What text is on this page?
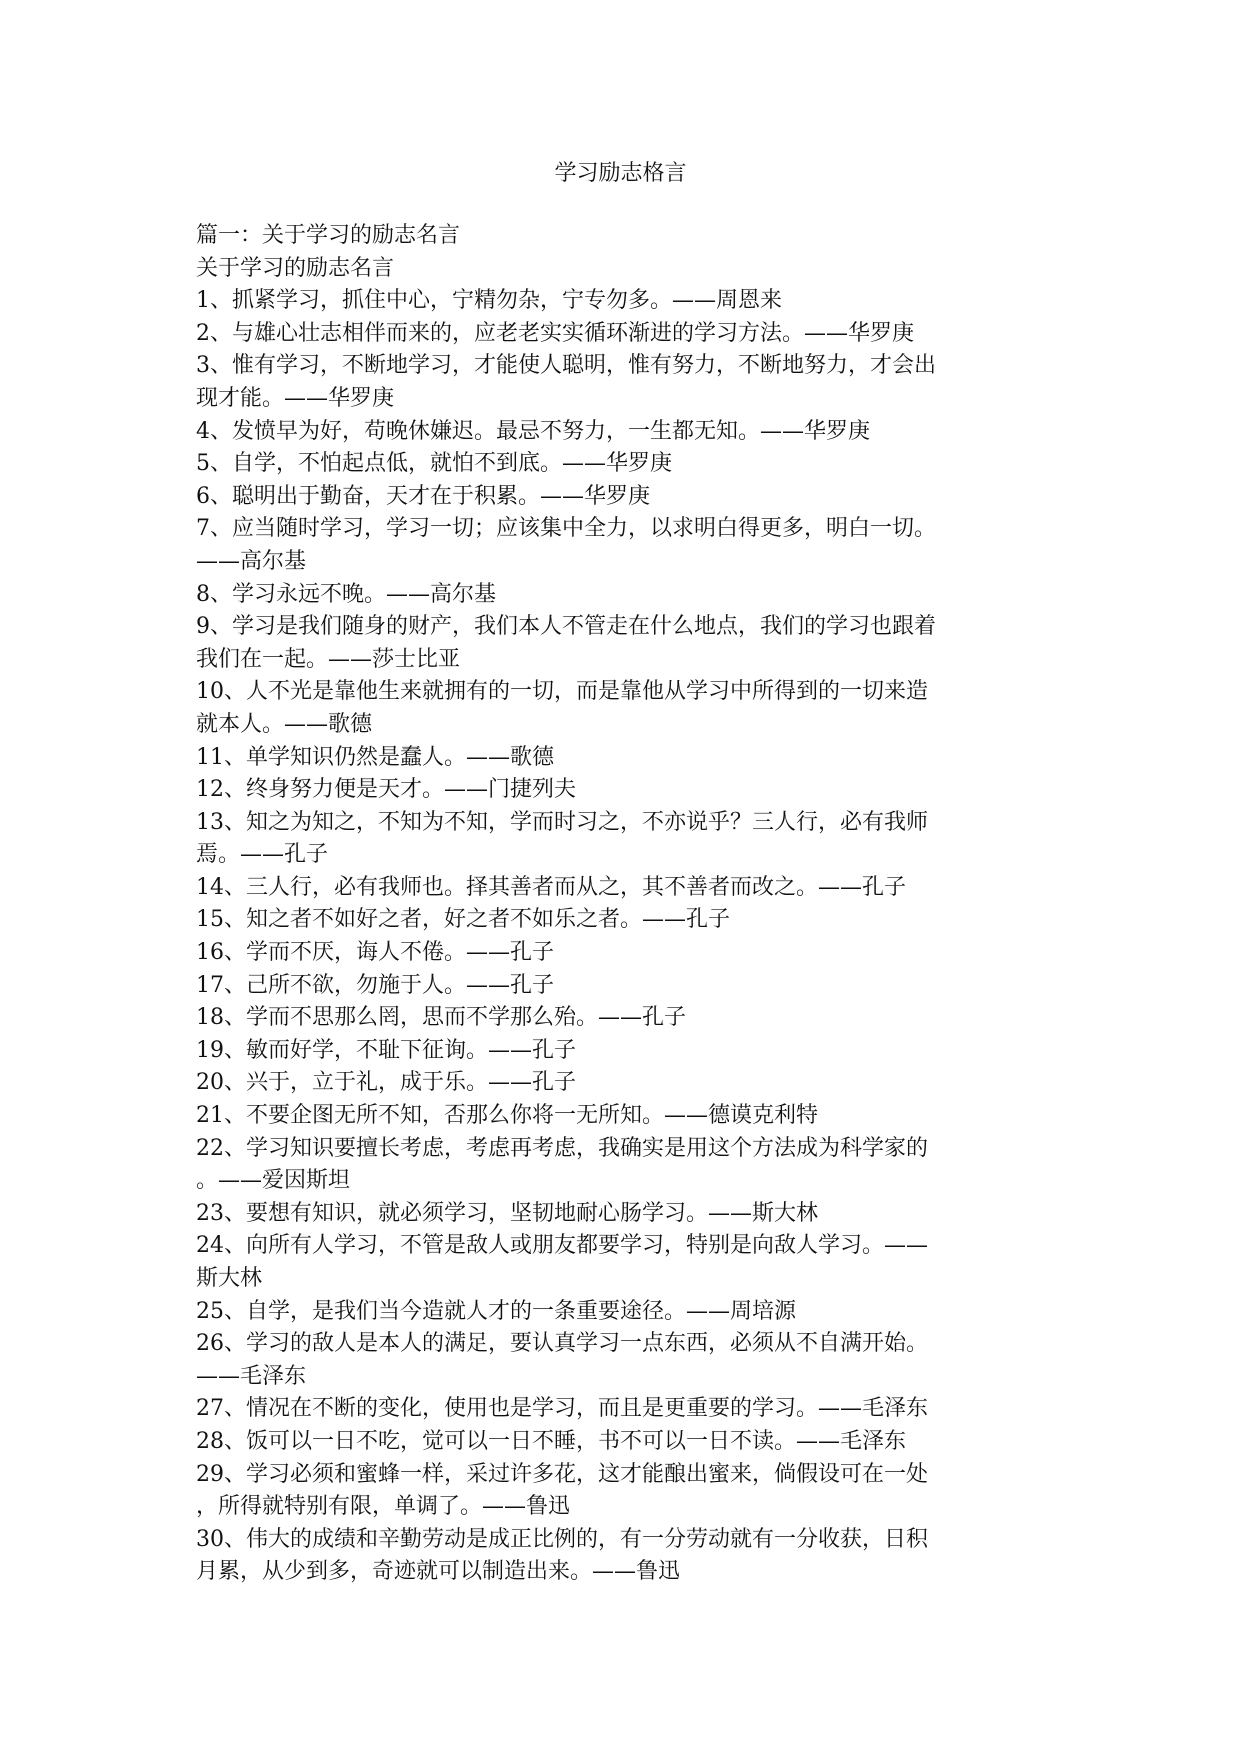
学习励志格言
篇一：关于学习的励志名言
关于学习的励志名言
1、抓紧学习，抓住中心，宁精勿杂，宁专勿多。——周恩来
2、与雄心壮志相伴而来的，应老老实实循环渐进的学习方法。——华罗庚
3、惟有学习，不断地学习，才能使人聪明，惟有努力，不断地努力，才会出
现才能。——华罗庚
4、发愤早为好，苟晚休嫌迟。最忌不努力，一生都无知。——华罗庚
5、自学，不怕起点低，就怕不到底。——华罗庚
6、聪明出于勤奋，天才在于积累。——华罗庚
7、应当随时学习，学习一切；应该集中全力，以求明白得更多，明白一切。
——高尔基
8、学习永远不晚。——高尔基
9、学习是我们随身的财产，我们本人不管走在什么地点，我们的学习也跟着
我们在一起。——莎士比亚
10、人不光是靠他生来就拥有的一切，而是靠他从学习中所得到的一切来造
就本人。——歌德
11、单学知识仍然是蠢人。——歌德
12、终身努力便是天才。——门捷列夫
13、知之为知之，不知为不知，学而时习之，不亦说乎？三人行，必有我师
焉。——孔子
14、三人行，必有我师也。择其善者而从之，其不善者而改之。——孔子
15、知之者不如好之者，好之者不如乐之者。——孔子
16、学而不厌，诲人不倦。——孔子
17、己所不欲，勿施于人。——孔子
18、学而不思那么罔，思而不学那么殆。——孔子
19、敏而好学，不耻下征询。——孔子
20、兴于，立于礼，成于乐。——孔子
21、不要企图无所不知，否那么你将一无所知。——德谟克利特
22、学习知识要擅长考虑，考虑再考虑，我确实是用这个方法成为科学家的
。——爱因斯坦
23、要想有知识，就必须学习，坚韧地耐心肠学习。——斯大林
24、向所有人学习，不管是敌人或朋友都要学习，特别是向敌人学习。——
斯大林
25、自学，是我们当今造就人才的一条重要途径。——周培源
26、学习的敌人是本人的满足，要认真学习一点东西，必须从不自满开始。
——毛泽东
27、情况在不断的变化，使用也是学习，而且是更重要的学习。——毛泽东
28、饭可以一日不吃，觉可以一日不睡，书不可以一日不读。——毛泽东
29、学习必须和蜜蜂一样，采过许多花，这才能酿出蜜来，倘假设可在一处
，所得就特别有限，单调了。——鲁迅
30、伟大的成绩和辛勤劳动是成正比例的，有一分劳动就有一分收获，日积
月累，从少到多，奇迹就可以制造出来。——鲁迅
